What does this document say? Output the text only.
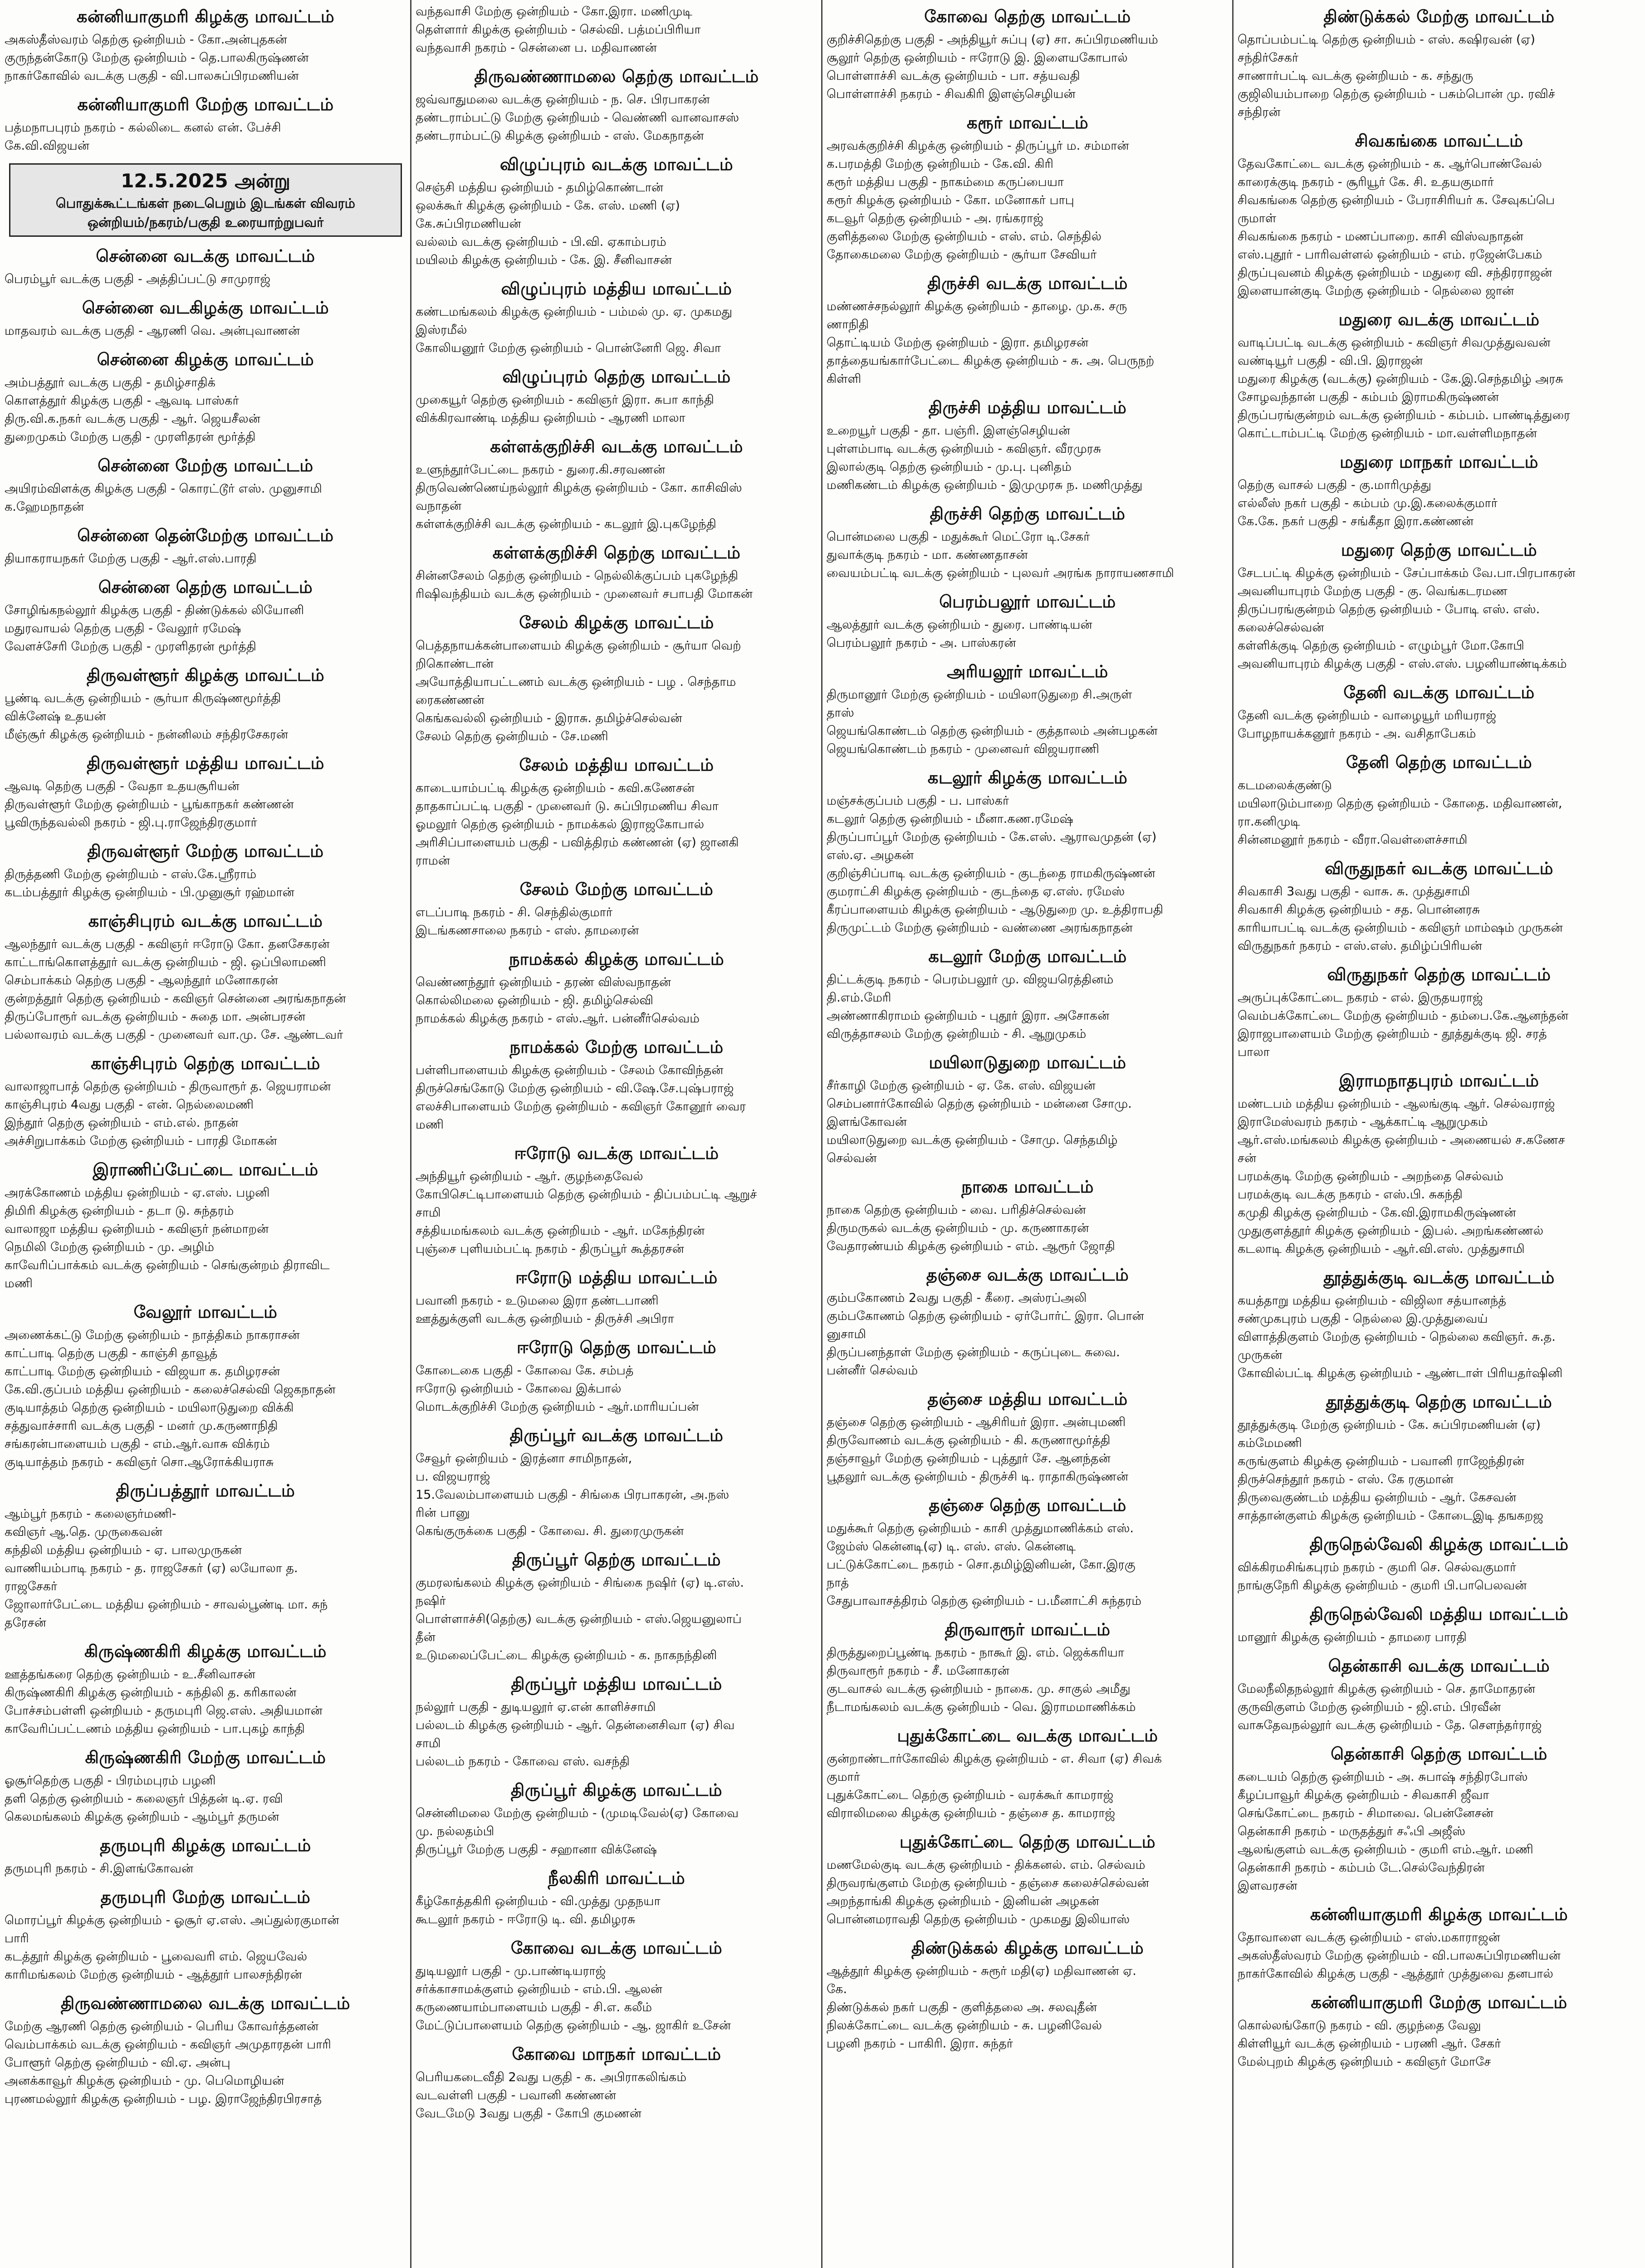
கன்னியாகுமரி கிழக்கு மாவட்டம்
அகஸ்தீஸ்வரம் தெற்கு ஒன்றியம் - கோ.அன்புதகன்
குருந்தன்கோடு மேற்கு ஒன்றியம் - தெ.பாலகிருஷ்ணன்
நாகர்கோவில் வடக்கு பகுதி - வி.பாலசுப்பிரமணியன்
கன்னியாகுமரி மேற்கு மாவட்டம்
பத்மநாபபுரம் நகரம் - கல்லிடை கனல் என். பேச்சி
கே.வி.விஜயன்
12.5.2025 அன்று
பொதுக்கூட்டங்கள் நடைபெறும் இடங்கள் விவரம்
ஒன்றியம்/நகரம்/பகுதி உரையாற்றுபவர்
சென்னை வடக்கு மாவட்டம்
பெரம்பூர் வடக்கு பகுதி - அத்திப்பட்டு சாமுராஜ்
சென்னை வடகிழக்கு மாவட்டம்
மாதவரம் வடக்கு பகுதி - ஆரணி வெ. அன்புவாணன்
சென்னை கிழக்கு மாவட்டம்
அம்பத்தூர் வடக்கு பகுதி - தமிழ்சாதிக்
கொளத்தூர் கிழக்கு பகுதி - ஆவடி பாஸ்கர்
திரு.வி.க.நகர் வடக்கு பகுதி - ஆர். ஜெயசீலன்
துறைமுகம் மேற்கு பகுதி - முரளிதரன் மூர்த்தி
சென்னை மேற்கு மாவட்டம்
அயிரம்விளக்கு கிழக்கு பகுதி - கொரட்டூர் எஸ். முனுசாமி
க.ஹேமநாதன்
சென்னை தென்மேற்கு மாவட்டம்
தியாகராயநகர் மேற்கு பகுதி - ஆர்.எஸ்.பாரதி
சென்னை தெற்கு மாவட்டம்
சோழிங்கநல்லூர் கிழக்கு பகுதி - திண்டுக்கல் லியோனி
மதுரவாயல் தெற்கு பகுதி - வேலூர் ரமேஷ்
வேளச்சேரி மேற்கு பகுதி - முரளிதரன் மூர்த்தி
திருவள்ளூர் கிழக்கு மாவட்டம்
பூண்டி வடக்கு ஒன்றியம் - சூர்யா கிருஷ்ணமூர்த்தி
விக்னேஷ் உதயன்
மீஞ்சூர் கிழக்கு ஒன்றியம் - நன்னிலம் சந்திரசேகரன்
திருவள்ளூர் மத்திய மாவட்டம்
ஆவடி தெற்கு பகுதி - வேதா உதயசூரியன்
திருவள்ளூர் மேற்கு ஒன்றியம் - பூங்காநகர் கண்ணன்
பூவிருந்தவல்லி நகரம் - ஜி.பு.ராஜேந்திரகுமார்
திருவள்ளூர் மேற்கு மாவட்டம்
திருத்தணி மேற்கு ஒன்றியம் - எஸ்.கே.ஸ்ரீராம்
கடம்பத்தூர் கிழக்கு ஒன்றியம் - பி.முனுசூர் ரஹ்மான்
காஞ்சிபுரம் வடக்கு மாவட்டம்
ஆலந்தூர் வடக்கு பகுதி - கவிஞர் ஈரோடு கோ. தனசேகரன்
காட்டாங்கொளத்தூர் வடக்கு ஒன்றியம் - ஜி. ஒப்பிலாமணி
செம்பாக்கம் தெற்கு பகுதி - ஆலந்தூர் மனோகரன்
குன்றத்தூர் தெற்கு ஒன்றியம் - கவிஞர் சென்னை அரங்கநாதன்
திருப்போரூர் வடக்கு ஒன்றியம் - சுதை மா. அன்பரசன்
பல்லாவரம் வடக்கு பகுதி - முனைவர் வா.மு. சே. ஆண்டவர்
காஞ்சிபுரம் தெற்கு மாவட்டம்
வாலாஜாபாத் தெற்கு ஒன்றியம் - திருவாரூர் த. ஜெயராமன்
காஞ்சிபுரம் 4வது பகுதி - என். நெல்லைமணி
இந்தூர் தெற்கு ஒன்றியம் - எம்.எல். நாதன்
அச்சிறுபாக்கம் மேற்கு ஒன்றியம் - பாரதி மோகன்
இராணிப்பேட்டை மாவட்டம்
அரக்கோணம் மத்திய ஒன்றியம் - ஏ.எஸ். பழனி
திமிரி கிழக்கு ஒன்றியம் - தடா டு. சுந்தரம்
வாலாஜா மத்திய ஒன்றியம் - கவிஞர் நன்மாறன்
நெமிலி மேற்கு ஒன்றியம் - மு. அழிம்
காவேரிப்பாக்கம் வடக்கு ஒன்றியம் - செங்குன்றம் திராவிட
மணி
வேலூர் மாவட்டம்
அணைக்கட்டு மேற்கு ஒன்றியம் - நாத்திகம் நாகராசன்
காட்பாடி தெற்கு பகுதி - காஞ்சி தாவூத்
காட்பாடி மேற்கு ஒன்றியம் - விஜயா க. தமிழரசன்
கே.வி.குப்பம் மத்திய ஒன்றியம் - கலைச்செல்வி ஜெகநாதன்
குடியாத்தம் தெற்கு ஒன்றியம் - மயிலாடுதுறை விக்கி
சத்துவாச்சாரி வடக்கு பகுதி - மனர் மு.கருணாநிதி
சங்கரன்பாளையம் பகுதி - எம்.ஆர்.வாசு விக்ரம்
குடியாத்தம் நகரம் - கவிஞர் சொ.ஆரோக்கியராசு
திருப்பத்தூர் மாவட்டம்
ஆம்பூர் நகரம் - கலைஞர்மணி-
கவிஞர் ஆ.தெ. முருகைவன்
கந்திலி மத்திய ஒன்றியம் - ஏ. பாலமுருகன்
வாணியம்பாடி நகரம் - த. ராஜசேகர் (ஏ) லயோலா த.
ராஜசேகர்
ஜோலார்பேட்டை மத்திய ஒன்றியம் - சாவல்பூண்டி மா. சுந்
தரேசன்
கிருஷ்ணகிரி கிழக்கு மாவட்டம்
ஊத்தங்கரை தெற்கு ஒன்றியம் - உ.சீனிவாசன்
கிருஷ்ணகிரி கிழக்கு ஒன்றியம் - கந்திலி த. கரிகாலன்
போச்சம்பள்ளி ஒன்றியம் - தருமபுரி ஜெ.எஸ். அதியமான்
காவேரிப்பட்டணம் மத்திய ஒன்றியம் - பா.புகழ் காந்தி
கிருஷ்ணகிரி மேற்கு மாவட்டம்
ஓசூர்தெற்கு பகுதி - பிரம்மபுரம் பழனி
தளி தெற்கு ஒன்றியம் - கலைஞர் பித்தன் டி.ஏ. ரவி
கெலமங்கலம் கிழக்கு ஒன்றியம் - ஆம்பூர் தருமன்
தருமபுரி கிழக்கு மாவட்டம்
தருமபுரி நகரம் - சி.இளங்கோவன்
தருமபுரி மேற்கு மாவட்டம்
மொரப்பூர் கிழக்கு ஒன்றியம் - ஓசூர் ஏ.எஸ். அப்துல்ரகுமான்
பாரி
கடத்தூர் கிழக்கு ஒன்றியம் - பூவைவரி எம். ஜெயவேல்
காரிமங்கலம் மேற்கு ஒன்றியம் - ஆத்தூர் பாலசந்திரன்
திருவண்ணாமலை வடக்கு மாவட்டம்
மேற்கு ஆரணி தெற்கு ஒன்றியம் - பெரிய கோவர்த்தனன்
வெம்பாக்கம் வடக்கு ஒன்றியம் - கவிஞர் அமுதாரதன் பாரி
போளூர் தெற்கு ஒன்றியம் - வி.ஏ. அன்பு
அனக்காவூர் கிழக்கு ஒன்றியம் - மு. பெமொழியன்
புரணமல்லூர் கிழக்கு ஒன்றியம் - பழ. இராஜேந்திரபிரசாத்
வந்தவாசி மேற்கு ஒன்றியம் - கோ.இரா. மணிமுடி
தெள்ளார் கிழக்கு ஒன்றியம் - செல்வி. பத்மப்பிரியா
வந்தவாசி நகரம் - சென்னை ப. மதிவாணன்
திருவண்ணாமலை தெற்கு மாவட்டம்
ஜவ்வாதுமலை வடக்கு ஒன்றியம் - ந. செ. பிரபாகரன்
தண்டராம்பட்டு மேற்கு ஒன்றியம் - வெண்ணி வானவாசஸ்
தண்டராம்பட்டு கிழக்கு ஒன்றியம் - எஸ். மேகநாதன்
விழுப்புரம் வடக்கு மாவட்டம்
செஞ்சி மத்திய ஒன்றியம் - தமிழ்கொண்டான்
ஒலக்கூர் கிழக்கு ஒன்றியம் - கே. எஸ். மணி (ஏ)
கே.சுப்பிரமணியன்
வல்லம் வடக்கு ஒன்றியம் - பி.வி. ஏகாம்பரம்
மயிலம் கிழக்கு ஒன்றியம் - கே. இ. சீனிவாசன்
விழுப்புரம் மத்திய மாவட்டம்
கண்டமங்கலம் கிழக்கு ஒன்றியம் - பம்மல் மு. ஏ. முகமது
இஸ்ரமீல்
கோலியனூர் மேற்கு ஒன்றியம் - பொன்னேரி ஜெ. சிவா
விழுப்புரம் தெற்கு மாவட்டம்
முகையூர் தெற்கு ஒன்றியம் - கவிஞர் இரா. சுபா காந்தி
விக்கிரவாண்டி மத்திய ஒன்றியம் - ஆரணி மாலா
கள்ளக்குறிச்சி வடக்கு மாவட்டம்
உளுந்தூர்பேட்டை நகரம் - துரை.கி.சரவணன்
திருவெண்ணெய்நல்லூர் கிழக்கு ஒன்றியம் - கோ. காசிவிஸ்
வநாதன்
கள்ளக்குறிச்சி வடக்கு ஒன்றியம் - கடலூர் இ.புகழேந்தி
கள்ளக்குறிச்சி தெற்கு மாவட்டம்
சின்னசேலம் தெற்கு ஒன்றியம் - நெல்லிக்குப்பம் புகழேந்தி
ரிஷிவந்தியம் வடக்கு ஒன்றியம் - முனைவர் சபாபதி மோகன்
சேலம் கிழக்கு மாவட்டம்
பெத்தநாயக்கன்பாளையம் கிழக்கு ஒன்றியம் - சூர்யா வெற்
றிகொண்டான்
அயோத்தியாபட்டணம் வடக்கு ஒன்றியம் - பழ . செந்தாம
ரைகண்ணன்
கெங்கவல்லி ஒன்றியம் - இராசு. தமிழ்ச்செல்வன்
சேலம் தெற்கு ஒன்றியம் - சே.மணி
சேலம் மத்திய மாவட்டம்
காடையாம்பட்டி கிழக்கு ஒன்றியம் - கவி.கணேசன்
தாதகாப்பட்டி பகுதி - முனைவர் டு. சுப்பிரமணிய சிவா
ஓமலூர் தெற்கு ஒன்றியம் - நாமக்கல் இராஜகோபால்
அரிசிப்பாளையம் பகுதி - பவித்திரம் கண்ணன் (ஏ) ஜானகி
ராமன்
சேலம் மேற்கு மாவட்டம்
எடப்பாடி நகரம் - சி. செந்தில்குமார்
இடங்கணசாலை நகரம் - எஸ். தாமரைன்
நாமக்கல் கிழக்கு மாவட்டம்
வெண்ணந்தூர் ஒன்றியம் - தரண் விஸ்வநாதன்
கொல்லிமலை ஒன்றியம் - ஜி. தமிழ்செல்வி
நாமக்கல் கிழக்கு நகரம் - எஸ்.ஆர். பன்னீர்செல்வம்
நாமக்கல் மேற்கு மாவட்டம்
பள்ளிபாளையம் கிழக்கு ஒன்றியம் - சேலம் கோவிந்தன்
திருச்செங்கோடு மேற்கு ஒன்றியம் - வி.ஷே.சே.புஷ்பராஜ்
எலச்சிபாளையம் மேற்கு ஒன்றியம் - கவிஞர் கோனூர் வைர
மணி
ஈரோடு வடக்கு மாவட்டம்
அந்தியூர் ஒன்றியம் - ஆர். குழந்தைவேல்
கோபிசெட்டிபாளையம் தெற்கு ஒன்றியம் - திப்பம்பட்டி ஆறுச்
சாமி
சத்தியமங்கலம் வடக்கு ஒன்றியம் - ஆர். மகேந்திரன்
புஞ்சை புளியம்பட்டி நகரம் - திருப்பூர் கூத்தரசன்
ஈரோடு மத்திய மாவட்டம்
பவானி நகரம் - உடுமலை இரா தண்டபாணி
ஊத்துக்குளி வடக்கு ஒன்றியம் - திருச்சி அபிரா
ஈரோடு தெற்கு மாவட்டம்
கோடைகை பகுதி - கோவை கே. சம்பத்
ஈரோடு ஒன்றியம் - கோவை இக்பால்
மொடக்குறிச்சி மேற்கு ஒன்றியம் - ஆர்.மாரியப்பன்
திருப்பூர் வடக்கு மாவட்டம்
சேவூர் ஒன்றியம் - இரத்னா சாமிநாதன்,
ப. விஜயராஜ்
15.வேலம்பாளையம் பகுதி - சிங்கை பிரபாகரன், அ.நஸ்
ரின் பானு
கெங்குருக்கை பகுதி - கோவை. சி. துரைமுருகன்
திருப்பூர் தெற்கு மாவட்டம்
குமரலங்கலம் கிழக்கு ஒன்றியம் - சிங்கை நஷிர் (ஏ) டி.எஸ்.
நஷிர்
பொள்ளாச்சி(தெற்கு) வடக்கு ஒன்றியம் - எஸ்.ஜெயனுலாப்
தீன்
உடுமலைப்பேட்டை கிழக்கு ஒன்றியம் - க. நாகநந்தினி
திருப்பூர் மத்திய மாவட்டம்
நல்லூர் பகுதி - துடியலூர் ஏ.என் காளிச்சாமி
பல்லடம் கிழக்கு ஒன்றியம் - ஆர். தென்னைசிவா (ஏ) சிவ
சாமி
பல்லடம் நகரம் - கோவை எஸ். வசந்தி
திருப்பூர் கிழக்கு மாவட்டம்
சென்னிமலை மேற்கு ஒன்றியம் - (முமடிவேல்(ஏ) கோவை
மு. நல்லதம்பி
திருப்பூர் மேற்கு பகுதி - சஹானா விக்னேஷ்
நீலகிரி மாவட்டம்
கீழ்கோத்தகிரி ஒன்றியம் - வி.முத்து முதநயா
கூடலூர் நகரம் - ஈரோடு டி. வி. தமிழரசு
கோவை வடக்கு மாவட்டம்
துடியலூர் பகுதி - மு.பாண்டியராஜ்
சர்க்காசாமக்குளம் ஒன்றியம் - எம்.பி. ஆலன்
கருணையாம்பாளையம் பகுதி - சி.எ. கலீம்
மேட்டுப்பாளையம் தெற்கு ஒன்றியம் - ஆ. ஜாகிர் உசேன்
கோவை மாநகர் மாவட்டம்
பெரியகடைவீதி 2வது பகுதி - க. அபிராகலிங்கம்
வடவள்ளி பகுதி - பவானி கண்ணன்
வேடமேடு 3வது பகுதி - கோபி குமணன்
கோவை தெற்கு மாவட்டம்
குறிச்சிதெற்கு பகுதி - அந்தியூர் சுப்பு (ஏ) சா. சுப்பிரமணியம்
சூலூர் தெற்கு ஒன்றியம் - ஈரோடு இ. இளையகோபால்
பொள்ளாச்சி வடக்கு ஒன்றியம் - பா. சத்யவதி
பொள்ளாச்சி நகரம் - சிவகிரி இளஞ்செழியன்
கரூர் மாவட்டம்
அரவக்குறிச்சி கிழக்கு ஒன்றியம் - திருப்பூர் ம. சம்மான்
க.பரமத்தி மேற்கு ஒன்றியம் - கே.வி. கிரி
கரூர் மத்திய பகுதி - நாகம்மை கருப்பையா
கரூர் கிழக்கு ஒன்றியம் - கோ. மனோகர் பாபு
கடவூர் தெற்கு ஒன்றியம் - அ. ரங்கராஜ்
குளித்தலை மேற்கு ஒன்றியம் - எஸ். எம். செந்தில்
தோகைமலை மேற்கு ஒன்றியம் - சூர்யா சேவியர்
திருச்சி வடக்கு மாவட்டம்
மண்ணச்சநல்லூர் கிழக்கு ஒன்றியம் - தாழை. மு.க. சரு
ணாநிதி
தொட்டியம் மேற்கு ஒன்றியம் - இரா. தமிழரசன்
தாத்தையங்கார்பேட்டை கிழக்கு ஒன்றியம் - சு. அ. பெருநற்
கிள்ளி
திருச்சி மத்திய மாவட்டம்
உறையூர் பகுதி - தா. பஞ்ரி. இளஞ்செழியன்
புள்ளம்பாடி வடக்கு ஒன்றியம் - கவிஞர். வீரமுரசு
இலால்குடி தெற்கு ஒன்றியம் - மு.பு. புனிதம்
மணிகண்டம் கிழக்கு ஒன்றியம் - இமுமுரசு ந. மணிமுத்து
திருச்சி தெற்கு மாவட்டம்
பொன்மலை பகுதி - மதுக்கூர் மெட்ரோ டி.சேகர்
துவாக்குடி நகரம் - மா. கண்ணதாசன்
வையம்பட்டி வடக்கு ஒன்றியம் - புலவர் அரங்க நாராயணசாமி
பெரம்பலூர் மாவட்டம்
ஆலத்தூர் வடக்கு ஒன்றியம் - துரை. பாண்டியன்
பெரம்பலூர் நகரம் - அ. பாஸ்கரன்
அரியலூர் மாவட்டம்
திருமானூர் மேற்கு ஒன்றியம் - மயிலாடுதுறை சி.அருள்
தாஸ்
ஜெயங்கொண்டம் தெற்கு ஒன்றியம் - குத்தாலம் அன்பழகன்
ஜெயங்கொண்டம் நகரம் - முனைவர் விஜயராணி
கடலூர் கிழக்கு மாவட்டம்
மஞ்சக்குப்பம் பகுதி - ப. பாஸ்கர்
கடலூர் தெற்கு ஒன்றியம் - மீனா.கண.ரமேஷ்
திருப்பாப்பூர் மேற்கு ஒன்றியம் - கே.எஸ். ஆராவமுதன் (ஏ)
எஸ்.ஏ. அழகன்
குறிஞ்சிப்பாடி வடக்கு ஒன்றியம் - குடந்தை ராமகிருஷ்ணன்
குமராட்சி கிழக்கு ஒன்றியம் - குடந்தை ஏ.எஸ். ரமேஸ்
கீரப்பாளையம் கிழக்கு ஒன்றியம் - ஆடுதுறை மு. உத்திராபதி
திருமுட்டம் மேற்கு ஒன்றியம் - வண்ணை அரங்கநாதன்
கடலூர் மேற்கு மாவட்டம்
திட்டக்குடி நகரம் - பெரம்பலூர் மு. விஜயரெத்தினம்
தி.எம்.மேரி
அண்ணாகிராமம் ஒன்றியம் - புதூர் இரா. அசோகன்
விருத்தாசலம் மேற்கு ஒன்றியம் - சி. ஆறுமுகம்
மயிலாடுதுறை மாவட்டம்
சீர்காழி மேற்கு ஒன்றியம் - ஏ. கே. எஸ். விஜயன்
செம்பனார்கோவில் தெற்கு ஒன்றியம் - மன்னை சோமு.
இளங்கோவன்
மயிலாடுதுறை வடக்கு ஒன்றியம் - சோமு. செந்தமிழ்
செல்வன்
நாகை மாவட்டம்
நாகை தெற்கு ஒன்றியம் - வை. பரிதிச்செல்வன்
திருமருகல் வடக்கு ஒன்றியம் - மு. கருணாகரன்
வேதாரண்யம் கிழக்கு ஒன்றியம் - எம். ஆரூர் ஜோதி
தஞ்சை வடக்கு மாவட்டம்
கும்பகோணம் 2வது பகுதி - கீரை. அஸ்ரப்அலி
கும்பகோணம் தெற்கு ஒன்றியம் - ஏர்போர்ட் இரா. பொன்
னுசாமி
திருப்பனந்தாள் மேற்கு ஒன்றியம் - கருப்புடை சுவை.
பன்னீர் செல்வம்
தஞ்சை மத்திய மாவட்டம்
தஞ்சை தெற்கு ஒன்றியம் - ஆசிரியர் இரா. அன்புமணி
திருவோணம் வடக்கு ஒன்றியம் - கி. கருணாமூர்த்தி
தஞ்சாவூர் மேற்கு ஒன்றியம் - புத்தூர் சே. ஆனந்தன்
பூதலூர் வடக்கு ஒன்றியம் - திருச்சி டி. ராதாகிருஷ்ணன்
தஞ்சை தெற்கு மாவட்டம்
மதுக்கூர் தெற்கு ஒன்றியம் - காசி முத்துமாணிக்கம் எஸ்.
ஜேம்ஸ் கென்னடி(ஏ) டி. எஸ். எஸ். கென்னடி
பட்டுக்கோட்டை நகரம் - சொ.தமிழ்இனியன், கோ.இரகு
நாத்
சேதுபாவாசத்திரம் தெற்கு ஒன்றியம் - ப.மீனாட்சி சுந்தரம்
திருவாரூர் மாவட்டம்
திருத்துறைப்பூண்டி நகரம் - நாகூர் இ. எம். ஜெக்கரியா
திருவாரூர் நகரம் - சீ. மனோகரன்
குடவாசல் வடக்கு ஒன்றியம் - நாகை. மு. சாகுல் அமீது
நீடாமங்கலம் வடக்கு ஒன்றியம் - வெ. இராமமாணிக்கம்
புதுக்கோட்டை வடக்கு மாவட்டம்
குன்றாண்டார்கோவில் கிழக்கு ஒன்றியம் - எ. சிவா (ஏ) சிவக்
குமார்
புதுக்கோட்டை தெற்கு ஒன்றியம் - வரக்கூர் காமராஜ்
விராலிமலை கிழக்கு ஒன்றியம் - தஞ்சை த. காமராஜ்
புதுக்கோட்டை தெற்கு மாவட்டம்
மணமேல்குடி வடக்கு ஒன்றியம் - திக்கனல். எம். செல்வம்
திருவரங்குளம் மேற்கு ஒன்றியம் - தஞ்சை கலைச்செல்வன்
அறந்தாங்கி கிழக்கு ஒன்றியம் - இனியன் அழகன்
பொன்னமராவதி தெற்கு ஒன்றியம் - முகமது இலியாஸ்
திண்டுக்கல் கிழக்கு மாவட்டம்
ஆத்தூர் கிழக்கு ஒன்றியம் - சுரூர் மதி(ஏ) மதிவாணன் ஏ.
கே.
திண்டுக்கல் நகர் பகுதி - குளித்தலை அ. சலவுதீன்
நிலக்கோட்டை வடக்கு ஒன்றியம் - சு. பழனிவேல்
பழனி நகரம் - பாகிரி. இரா. சுந்தர்
திண்டுக்கல் மேற்கு மாவட்டம்
தொப்பம்பட்டி தெற்கு ஒன்றியம் - எஸ். கஷிரவன் (ஏ)
சந்திர்சேகர்
சாணார்பட்டி வடக்கு ஒன்றியம் - க. சந்துரு
குஜிலியம்பாறை தெற்கு ஒன்றியம் - பசும்பொன் மு. ரவிச்
சந்திரன்
சிவகங்கை மாவட்டம்
தேவகோட்டை வடக்கு ஒன்றியம் - க. ஆர்பொண்வேல்
காரைக்குடி நகரம் - சூரியூர் கே. சி. உதயகுமார்
சிவகங்கை தெற்கு ஒன்றியம் - பேராசிரியர் க. சேவுகப்பெ
ருமாள்
சிவகங்கை நகரம் - மணப்பாறை. காசி விஸ்வநாதன்
எஸ்.புதூர் - பாரிவள்ளல் ஒன்றியம் - எம். ரஜேன்பேகம்
திருப்புவனம் கிழக்கு ஒன்றியம் - மதுரை வி. சந்திரராஜன்
இளையான்குடி மேற்கு ஒன்றியம் - நெல்லை ஜான்
மதுரை வடக்கு மாவட்டம்
வாடிப்பட்டி வடக்கு ஒன்றியம் - கவிஞர் சிவமுத்துவவன்
வண்டியூர் பகுதி - வி.பி. இராஜன்
மதுரை கிழக்கு (வடக்கு) ஒன்றியம் - கே.இ.செந்தமிழ் அரசு
சோழவந்தான் பகுதி - கம்பம் இராமகிருஷ்ணன்
திருப்பரங்குன்றம் வடக்கு ஒன்றியம் - கம்பம். பாண்டித்துரை
கொட்டாம்பட்டி மேற்கு ஒன்றியம் - மா.வள்ளிமநாதன்
மதுரை மாநகர் மாவட்டம்
தெற்கு வாசல் பகுதி - கு.மாரிமுத்து
எல்லீஸ் நகர் பகுதி - கம்பம் மு.இ.கலைக்குமார்
கே.கே. நகர் பகுதி - சங்கீதா இரா.கண்ணன்
மதுரை தெற்கு மாவட்டம்
சேடபட்டி கிழக்கு ஒன்றியம் - சேப்பாக்கம் வே.பா.பிரபாகரன்
அவனியாபுரம் மேற்கு பகுதி - கு. வெங்கடரமண
திருப்பரங்குன்றம் தெற்கு ஒன்றியம் - போடி எஸ். எஸ்.
கலைச்செல்வன்
கள்ளிக்குடி தெற்கு ஒன்றியம் - எழும்பூர் மோ.கோபி
அவனியாபுரம் கிழக்கு பகுதி - எஸ்.எஸ். பழனியாண்டிக்கம்
தேனி வடக்கு மாவட்டம்
தேனி வடக்கு ஒன்றியம் - வாழையூர் மரியராஜ்
போழநாயக்கனூர் நகரம் - அ. வசிதாபேகம்
தேனி தெற்கு மாவட்டம்
கடமலைக்குண்டு
மயிலாடும்பாறை தெற்கு ஒன்றியம் - கோதை. மதிவாணன்,
ரா.கனிமுடி
சின்னமனூர் நகரம் - வீரா.வெள்ளைச்சாமி
விருதுநகர் வடக்கு மாவட்டம்
சிவகாசி 3வது பகுதி - வாசு. சு. முத்துசாமி
சிவகாசி கிழக்கு ஒன்றியம் - சத. பொன்னரசு
காரியாபட்டி வடக்கு ஒன்றியம் - கவிஞர் மாம்ஷம் முருகன்
விருதுநகர் நகரம் - எஸ்.எஸ். தமிழ்ப்பிரியன்
விருதுநகர் தெற்கு மாவட்டம்
அருப்புக்கோட்டை நகரம் - எல். இருதயராஜ்
வெம்பக்கோட்டை மேற்கு ஒன்றியம் - தம்பை.கே.ஆனந்தன்
இராஜபாளையம் மேற்கு ஒன்றியம் - தூத்துக்குடி ஜி. சரத்
பாலா
இராமநாதபுரம் மாவட்டம்
மண்டபம் மத்திய ஒன்றியம் - ஆலங்குடி ஆர். செல்வராஜ்
இராமேஸ்வரம் நகரம் - ஆக்காட்டி ஆறுமுகம்
ஆர்.எஸ்.மங்கலம் கிழக்கு ஒன்றியம் - அணையல் ச.கணேச
சன்
பரமக்குடி மேற்கு ஒன்றியம் - அறந்தை செல்வம்
பரமக்குடி வடக்கு நகரம் - எஸ்.பி. சுகந்தி
கமுதி கிழக்கு ஒன்றியம் - கே.வி.இராமகிருஷ்ணன்
முதுகுளத்தூர் கிழக்கு ஒன்றியம் - இபல். அறங்கண்ணல்
கடலாடி கிழக்கு ஒன்றியம் - ஆர்.வி.எஸ். முத்துசாமி
தூத்துக்குடி வடக்கு மாவட்டம்
கயத்தாறு மத்திய ஒன்றியம் - விஜிலா சத்யானந்த்
சண்முகபுரம் பகுதி - நெல்லை இ.முத்துவைய்
விளாத்திகுளம் மேற்கு ஒன்றியம் - நெல்லை கவிஞர். சு.த.
முருகன்
கோவில்பட்டி கிழக்கு ஒன்றியம் - ஆண்டாள் பிரியதர்ஷினி
தூத்துக்குடி தெற்கு மாவட்டம்
தூத்துக்குடி மேற்கு ஒன்றியம் - கே. சுப்பிரமணியன் (ஏ)
கம்மேமணி
கருங்குளம் கிழக்கு ஒன்றியம் - பவானி ராஜேந்திரன்
திருச்செந்தூர் நகரம் - எஸ். கே ரகுமான்
திருவைகுண்டம் மத்திய ஒன்றியம் - ஆர். கேசவன்
சாத்தான்குளம் கிழக்கு ஒன்றியம் - கோடைஇடி தஙகறஜ
திருநெல்வேலி கிழக்கு மாவட்டம்
விக்கிரமசிங்கபுரம் நகரம் - குமரி செ. செல்வகுமார்
நாங்குநேரி கிழக்கு ஒன்றியம் - குமரி பி.பாபெலவன்
திருநெல்வேலி மத்திய மாவட்டம்
மானூர் கிழக்கு ஒன்றியம் - தாமரை பாரதி
தென்காசி வடக்கு மாவட்டம்
மேலநீலிதநல்லூர் கிழக்கு ஒன்றியம் - செ. தாமோதரன்
குருவிகுளம் மேற்கு ஒன்றியம் - ஜி.எம். பிரவீன்
வாசுதேவநல்லூர் வடக்கு ஒன்றியம் - தே. சௌந்தர்ராஜ்
தென்காசி தெற்கு மாவட்டம்
கடையம் தெற்கு ஒன்றியம் - அ. சுபாஷ் சந்திரபோஸ்
கீழப்பாவூர் கிழக்கு ஒன்றியம் - சிவகாசி ஜீவா
செங்கோட்டை நகரம் - சிமாவை. பென்னேசன்
தென்காசி நகரம் - மருதத்துர் சஃபி அஜீஸ்
ஆலங்குளம் வடக்கு ஒன்றியம் - குமரி எம்.ஆர். மணி
தென்காசி நகரம் - கம்பம் டே.செல்வேந்திரன்
இளவரசன்
கன்னியாகுமரி கிழக்கு மாவட்டம்
தோவாளை வடக்கு ஒன்றியம் - எஸ்.மகாராஜன்
அகஸ்தீஸ்வரம் மேற்கு ஒன்றியம் - வி.பாலசுப்பிரமணியன்
நாகர்கோவில் கிழக்கு பகுதி - ஆத்தூர் முத்துவை தனபால்
கன்னியாகுமரி மேற்கு மாவட்டம்
கொல்லங்கோடு நகரம் - வி. குழந்தை வேலு
கிள்ளியூர் வடக்கு ஒன்றியம் - பரணி ஆர். சேகர்
மேல்புறம் கிழக்கு ஒன்றியம் - கவிஞர் மோசே
